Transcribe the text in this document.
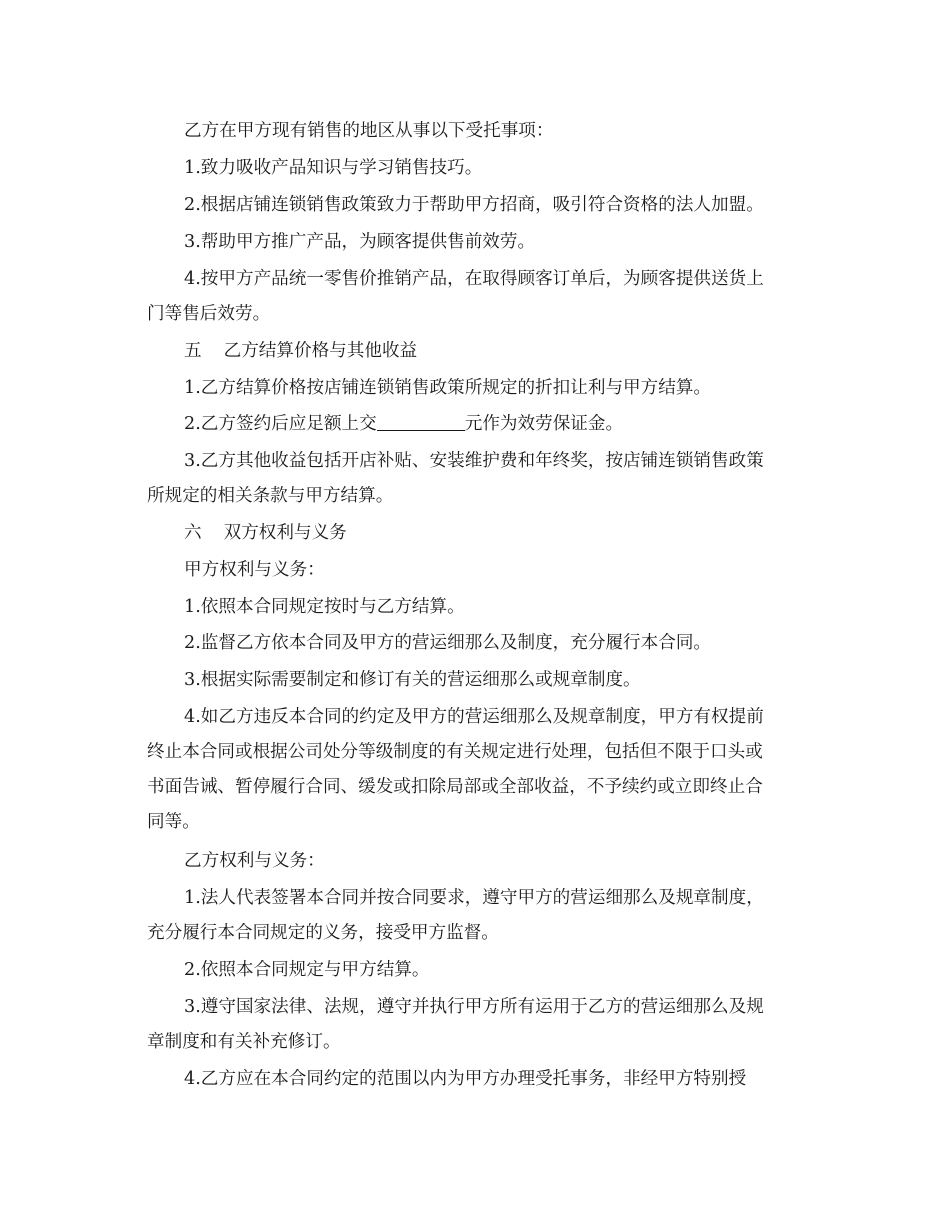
乙方在甲方现有销售的地区从事以下受托事项：

1.致力吸收产品知识与学习销售技巧。

2.根据店铺连锁销售政策致力于帮助甲方招商，吸引符合资格的法人加盟。

3.帮助甲方推广产品，为顾客提供售前效劳。

4.按甲方产品统一零售价推销产品，在取得顾客订单后，为顾客提供送货上

门等售后效劳。

五 乙方结算价格与其他收益

1.乙方结算价格按店铺连锁销售政策所规定的折扣让利与甲方结算。

2.乙方签约后应足额上交	元作为效劳保证金。

3.乙方其他收益包括开店补贴、安装维护费和年终奖，按店铺连锁销售政策

所规定的相关条款与甲方结算。

六 双方权利与义务

甲方权利与义务：

1.依照本合同规定按时与乙方结算。

2.监督乙方依本合同及甲方的营运细那么及制度，充分履行本合同。

3.根据实际需要制定和修订有关的营运细那么或规章制度。

4.如乙方违反本合同的约定及甲方的营运细那么及规章制度，甲方有权提前

终止本合同或根据公司处分等级制度的有关规定进行处理，包括但不限于口头或

书面告诫、暂停履行合同、缓发或扣除局部或全部收益，不予续约或立即终止合

同等。

乙方权利与义务：

1.法人代表签署本合同并按合同要求，遵守甲方的营运细那么及规章制度，

充分履行本合同规定的义务，接受甲方监督。

2.依照本合同规定与甲方结算。

3.遵守国家法律、法规，遵守并执行甲方所有运用于乙方的营运细那么及规

章制度和有关补充修订。

4.乙方应在本合同约定的范围以内为甲方办理受托事务，非经甲方特别授
